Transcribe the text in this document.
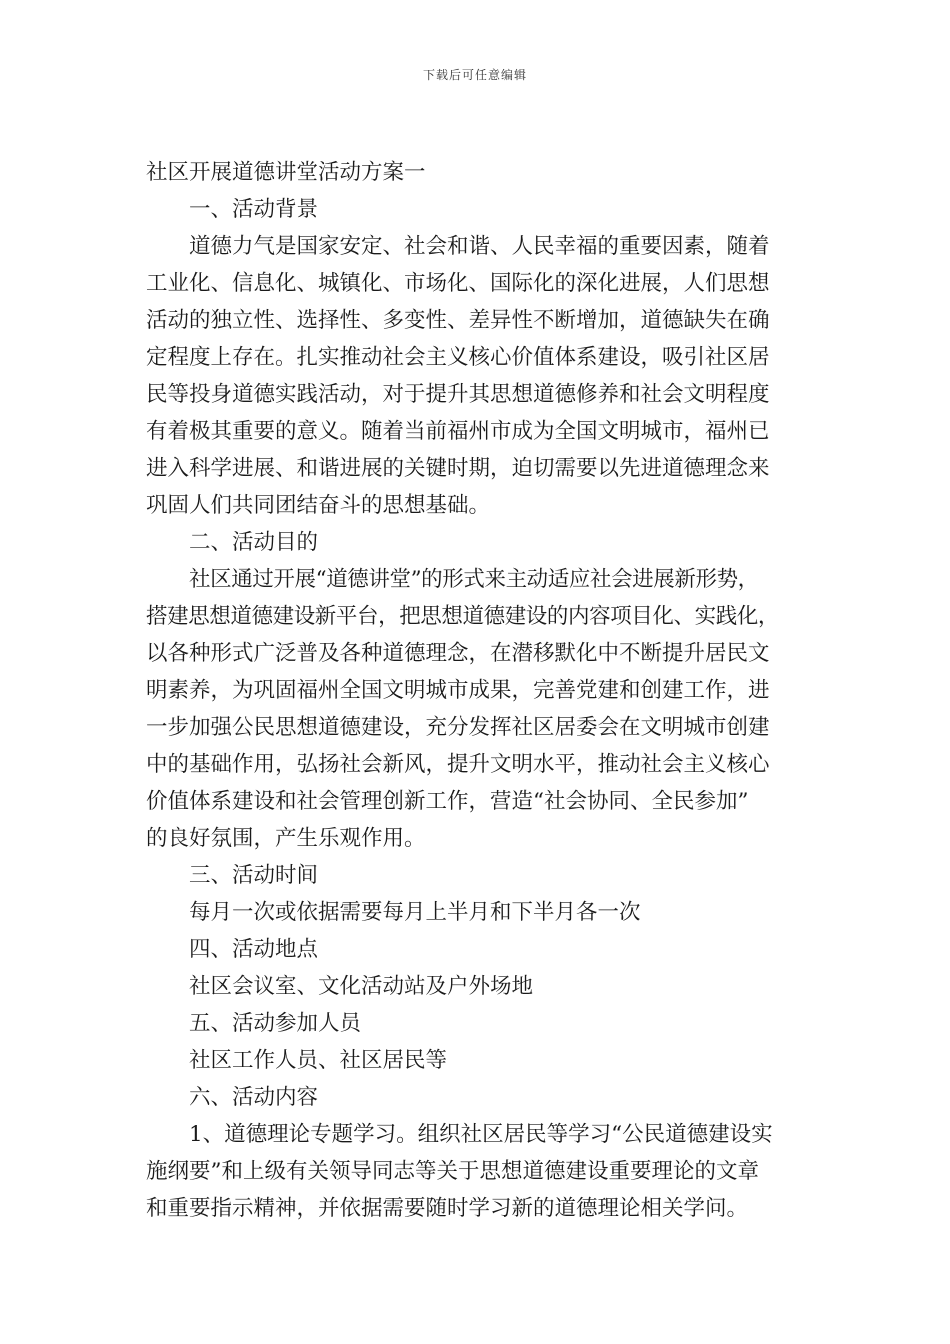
下载后可任意编辑
社区开展道德讲堂活动方案一
一、活动背景
道德力气是国家安定、社会和谐、人民幸福的重要因素，随着
工业化、信息化、城镇化、市场化、国际化的深化进展，人们思想
活动的独立性、选择性、多变性、差异性不断增加，道德缺失在确
定程度上存在。扎实推动社会主义核心价值体系建设，吸引社区居
民等投身道德实践活动，对于提升其思想道德修养和社会文明程度
有着极其重要的意义。随着当前福州市成为全国文明城市，福州已
进入科学进展、和谐进展的关键时期，迫切需要以先进道德理念来
巩固人们共同团结奋斗的思想基础。
二、活动目的
社区通过开展“道德讲堂”的形式来主动适应社会进展新形势，
搭建思想道德建设新平台，把思想道德建设的内容项目化、实践化，
以各种形式广泛普及各种道德理念，在潜移默化中不断提升居民文
明素养，为巩固福州全国文明城市成果，完善党建和创建工作，进
一步加强公民思想道德建设，充分发挥社区居委会在文明城市创建
中的基础作用，弘扬社会新风，提升文明水平，推动社会主义核心
价值体系建设和社会管理创新工作，营造“社会协同、全民参加”
的良好氛围，产生乐观作用。
三、活动时间
每月一次或依据需要每月上半月和下半月各一次
四、活动地点
社区会议室、文化活动站及户外场地
五、活动参加人员
社区工作人员、社区居民等
六、活动内容
1、道德理论专题学习。组织社区居民等学习“公民道德建设实
施纲要”和上级有关领导同志等关于思想道德建设重要理论的文章
和重要指示精神，并依据需要随时学习新的道德理论相关学问。
